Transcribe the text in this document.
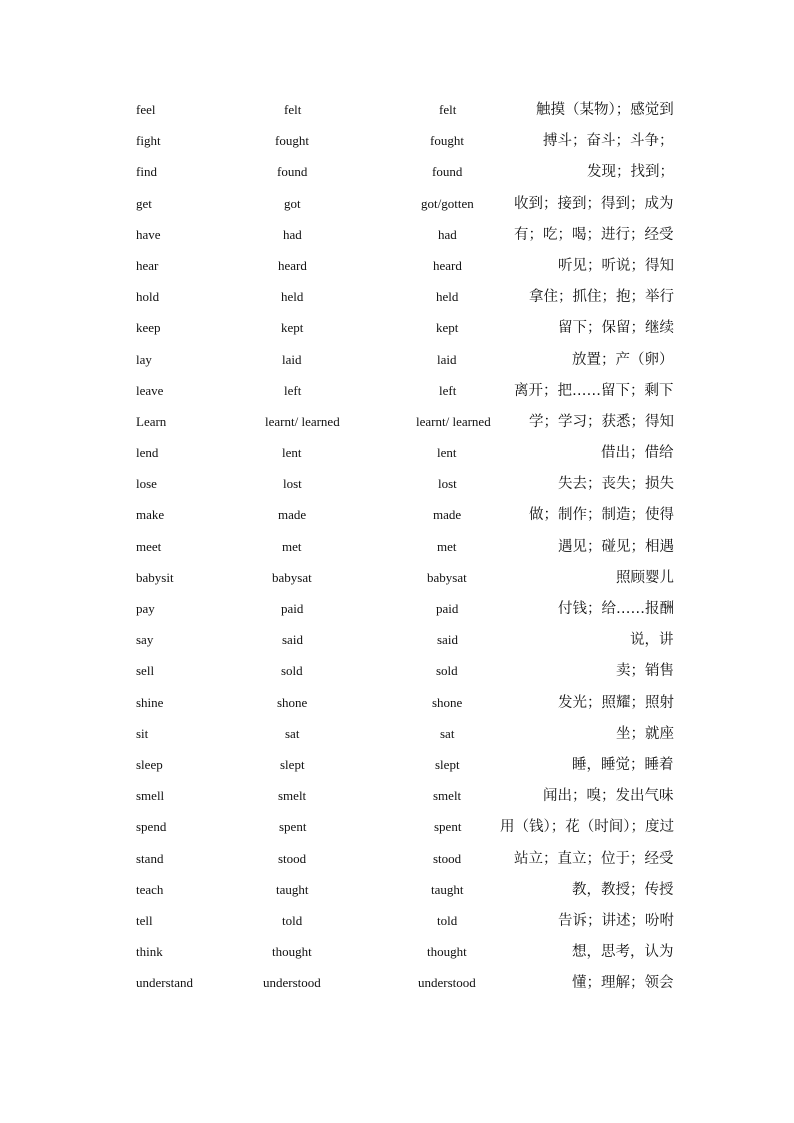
feel	felt	felt	触摸（某物）；感觉到
fight	fought	fought	搏斗；奋斗；斗争；
find	found	found	发现；找到；
get	got	got/gotten	收到；接到；得到；成为
have	had	had	有；吃；喝；进行；经受
hear	heard	heard	听见；听说；得知
hold	held	held	拿住；抓住；抱；举行
keep	kept	kept	留下；保留；继续
lay	laid	laid	放置；产（卵）
leave	left	left	离开；把……留下；剩下
Learn	learnt/ learned	learnt/ learned	学；学习；获悉；得知
lend	lent	lent	借出；借给
lose	lost	lost	失去；丧失；损失
make	made	made	做；制作；制造；使得
meet	met	met	遇见；碰见；相遇
babysit	babysat	babysat	照顾婴儿
pay	paid	paid	付钱；给……报酬
say	said	said	说，讲
sell	sold	sold	卖；销售
shine	shone	shone	发光；照耀；照射
sit	sat	sat	坐；就座
sleep	slept	slept	睡，睡觉；睡着
smell	smelt	smelt	闻出；嗅；发出气味
spend	spent	spent	用（钱）；花（时间）；度过
stand	stood	stood	站立；直立；位于；经受
teach	taught	taught	教，教授；传授
tell	told	told	告诉；讲述；吩咐
think	thought	thought	想，思考，认为
understand	understood	understood	懂；理解；领会
